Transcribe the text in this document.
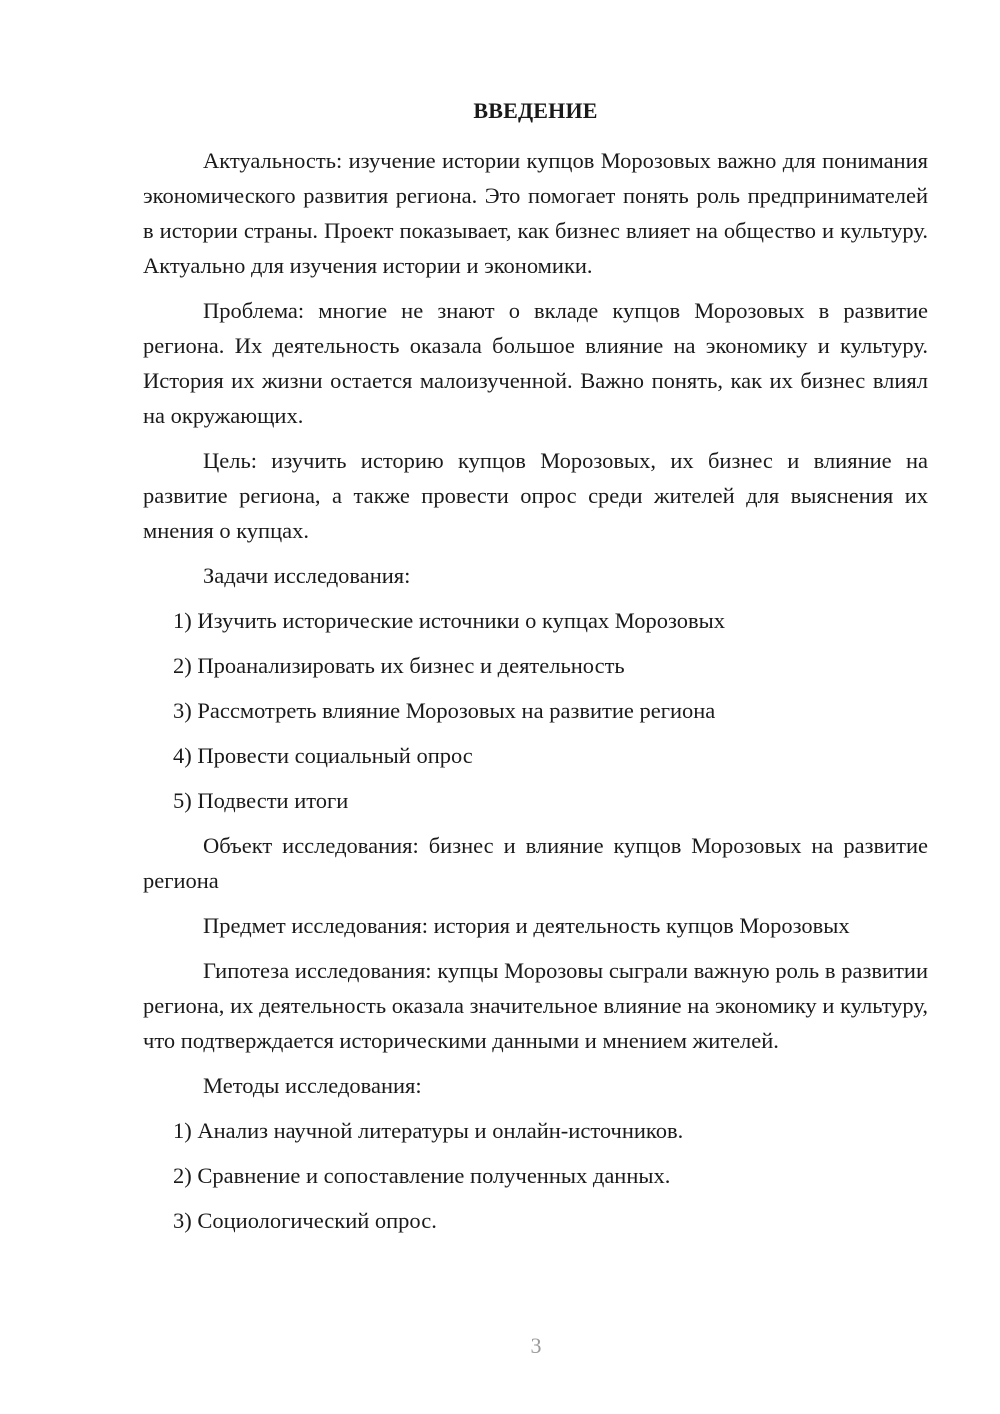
ВВЕДЕНИЕ

Актуальность: изучение истории купцов Морозовых важно для понимания экономического развития региона. Это помогает понять роль предпринимателей в истории страны. Проект показывает, как бизнес влияет на общество и культуру. Актуально для изучения истории и экономики.

Проблема: многие не знают о вкладе купцов Морозовых в развитие региона. Их деятельность оказала большое влияние на экономику и культуру. История их жизни остается малоизученной. Важно понять, как их бизнес влиял на окружающих.

Цель: изучить историю купцов Морозовых, их бизнес и влияние на развитие региона, а также провести опрос среди жителей для выяснения их мнения о купцах.

Задачи исследования:

1) Изучить исторические источники о купцах Морозовых

2) Проанализировать их бизнес и деятельность

3) Рассмотреть влияние Морозовых на развитие региона

4) Провести социальный опрос

5) Подвести итоги

Объект исследования: бизнес и влияние купцов Морозовых на развитие региона

Предмет исследования: история и деятельность купцов Морозовых

Гипотеза исследования: купцы Морозовы сыграли важную роль в развитии региона, их деятельность оказала значительное влияние на экономику и культуру, что подтверждается историческими данными и мнением жителей.

Методы исследования:

1) Анализ научной литературы и онлайн-источников.

2) Сравнение и сопоставление полученных данных.

3) Социологический опрос.

3
